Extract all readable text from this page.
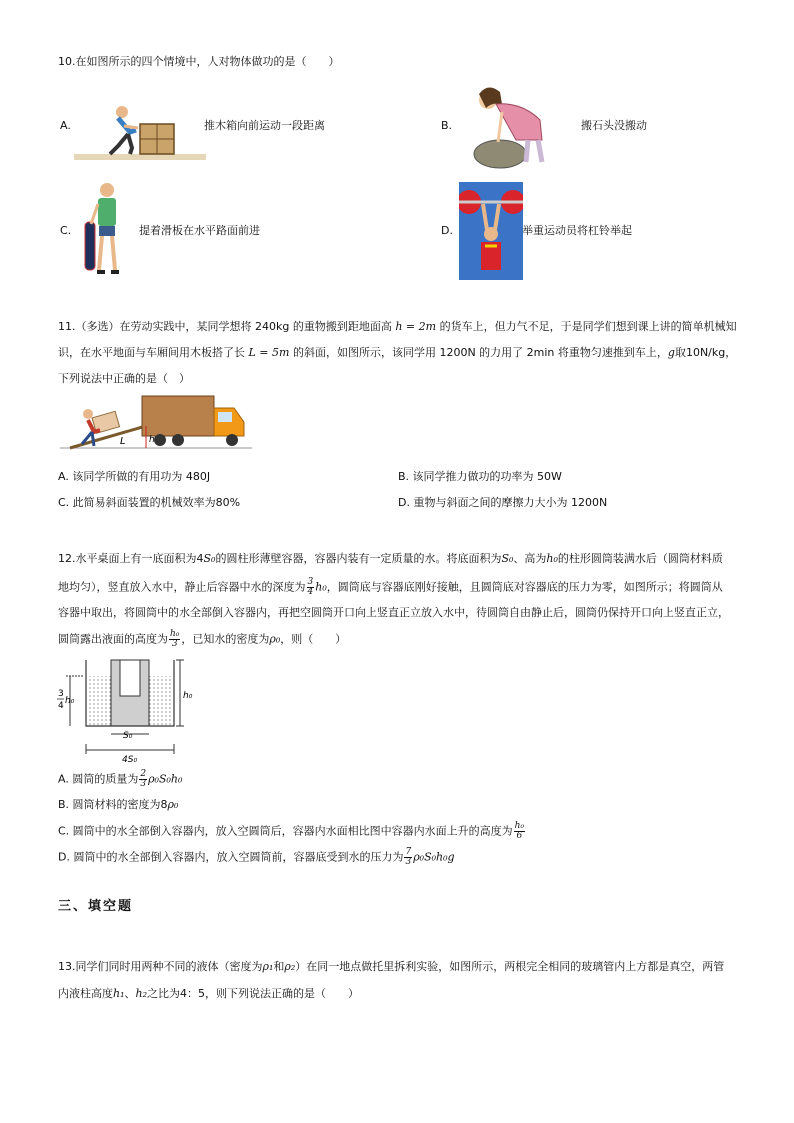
10.在如图所示的四个情境中，人对物体做功的是（　　）
A.	推木箱向前运动一段距离	B.	搬石头没搬动
C.	提着滑板在水平路面前进	D.	举重运动员将杠铃举起
11.（多选）在劳动实践中，某同学想将 240kg 的重物搬到距地面高 h = 2m 的货车上，但力气不足，于是同学们想到课上讲的简单机械知
识，在水平地面与车厢间用木板搭了长 L = 5m 的斜面，如图所示，该同学用 1200N 的力用了 2min 将重物匀速推到车上，g取10N/kg，
下列说法中正确的是（　）
L	h
A. 该同学所做的有用功为 480J	B. 该同学推力做功的功率为 50W
C. 此简易斜面装置的机械效率为80%	D. 重物与斜面之间的摩擦力大小为 1200N
12.水平桌面上有一底面积为4S₀的圆柱形薄壁容器，容器内装有一定质量的水。将底面积为S₀、高为h₀的柱形圆筒装满水后（圆筒材料质
地均匀），竖直放入水中，静止后容器中水的深度为 $\frac{3}{4} h_0$，圆筒底与容器底刚好接触，且圆筒底对容器底的压力为零，如图所示；将圆筒从
容器中取出，将圆筒中的水全部倒入容器内，再把空圆筒开口向上竖直正立放入水中，待圆筒自由静止后，圆筒仍保持开口向上竖直正立，
圆筒露出液面的高度为 $\frac{\text{h₀}}{3}$ ，已知水的密度为ρ₀，则（　　）
3
4 h₀	h₀
S₀
4S₀
A. 圆筒的质量为 $\frac{2}{3} \rho_0S_0h_0$
B. 圆筒材料的密度为8ρ₀
C. 圆筒中的水全部倒入容器内，放入空圆筒后，容器内水面相比图中容器内水面上升的高度为 $\frac{\text{h₀}}{6}$
D. 圆筒中的水全部倒入容器内，放入空圆筒前，容器底受到水的压力为 $\frac{7}{3} \rho_0S_0h_0g$
三、填空题
13.同学们同时用两种不同的液体（密度为ρ₁和ρ₂）在同一地点做托里拆利实验，如图所示，两根完全相同的玻璃管内上方都是真空，两管
内液柱高度h₁、h₂之比为4：5，则下列说法正确的是（　　）
